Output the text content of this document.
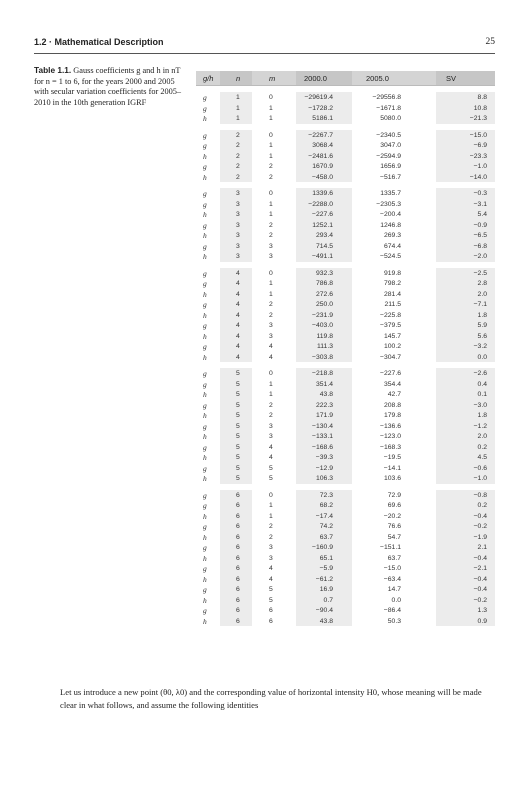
1.2 · Mathematical Description	25
Table 1.1. Gauss coefficients g and h in nT for n = 1 to 6, for the years 2000 and 2005 with secular variation coefficients for 2005–2010 in the 10th generation IGRF
g/h	n	m	2000.0	2005.0	SV
g	1	0	−29619.4	−29556.8	8.8
g	1	1	−1728.2	−1671.8	10.8
h	1	1	5186.1	5080.0	−21.3
g	2	0	−2267.7	−2340.5	−15.0
g	2	1	3068.4	3047.0	−6.9
h	2	1	−2481.6	−2594.9	−23.3
g	2	2	1670.9	1656.9	−1.0
h	2	2	−458.0	−516.7	−14.0
g	3	0	1339.6	1335.7	−0.3
g	3	1	−2288.0	−2305.3	−3.1
h	3	1	−227.6	−200.4	5.4
g	3	2	1252.1	1246.8	−0.9
h	3	2	293.4	269.3	−6.5
g	3	3	714.5	674.4	−6.8
h	3	3	−491.1	−524.5	−2.0
g	4	0	932.3	919.8	−2.5
g	4	1	786.8	798.2	2.8
h	4	1	272.6	281.4	2.0
g	4	2	250.0	211.5	−7.1
h	4	2	−231.9	−225.8	1.8
g	4	3	−403.0	−379.5	5.9
h	4	3	119.8	145.7	5.6
g	4	4	111.3	100.2	−3.2
h	4	4	−303.8	−304.7	0.0
g	5	0	−218.8	−227.6	−2.6
g	5	1	351.4	354.4	0.4
h	5	1	43.8	42.7	0.1
g	5	2	222.3	208.8	−3.0
h	5	2	171.9	179.8	1.8
g	5	3	−130.4	−136.6	−1.2
h	5	3	−133.1	−123.0	2.0
g	5	4	−168.6	−168.3	0.2
h	5	4	−39.3	−19.5	4.5
g	5	5	−12.9	−14.1	−0.6
h	5	5	106.3	103.6	−1.0
g	6	0	72.3	72.9	−0.8
g	6	1	68.2	69.6	0.2
h	6	1	−17.4	−20.2	−0.4
g	6	2	74.2	76.6	−0.2
h	6	2	63.7	54.7	−1.9
g	6	3	−160.9	−151.1	2.1
h	6	3	65.1	63.7	−0.4
g	6	4	−5.9	−15.0	−2.1
h	6	4	−61.2	−63.4	−0.4
g	6	5	16.9	14.7	−0.4
h	6	5	0.7	0.0	−0.2
g	6	6	−90.4	−86.4	1.3
h	6	6	43.8	50.3	0.9
Let us introduce a new point (θ0, λ0) and the corresponding value of horizontal intensity H0, whose meaning will be made clear in what follows, and assume the following identities
